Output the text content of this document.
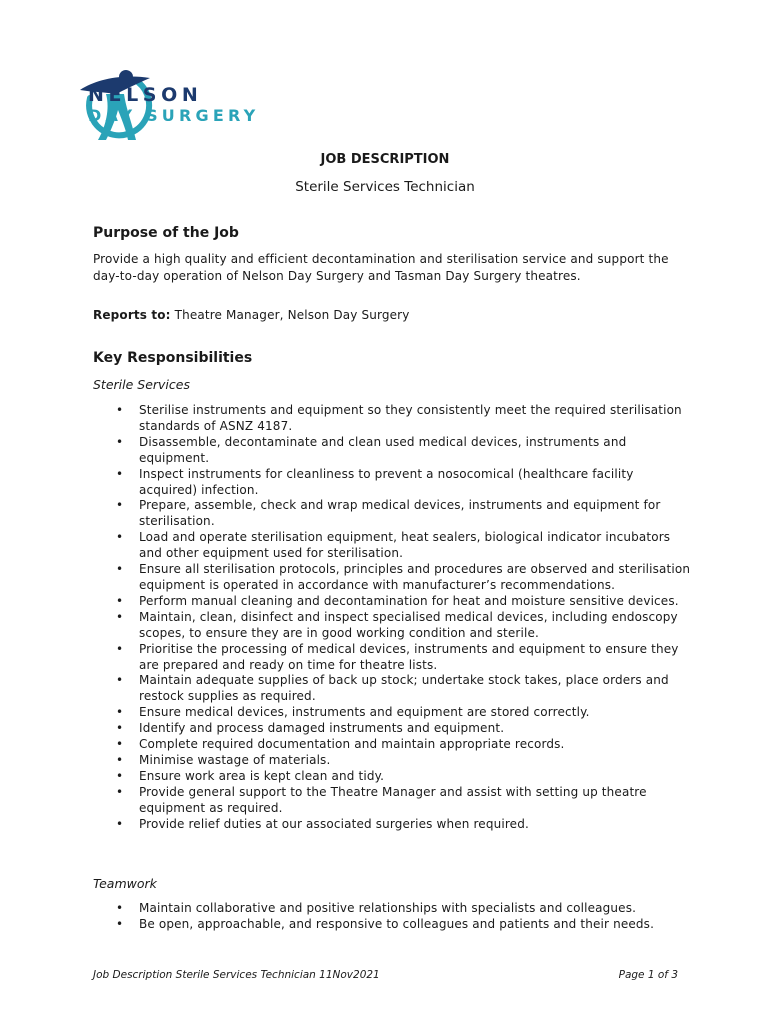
NELSON
DAY SURGERY
JOB DESCRIPTION
Sterile Services Technician
Purpose of the Job
Provide a high quality and efficient decontamination and sterilisation service and support the day-to-day operation of Nelson Day Surgery and Tasman Day Surgery theatres.
Reports to: Theatre Manager, Nelson Day Surgery
Key Responsibilities
Sterile Services
• Sterilise instruments and equipment so they consistently meet the required sterilisation standards of ASNZ 4187.
• Disassemble, decontaminate and clean used medical devices, instruments and equipment.
• Inspect instruments for cleanliness to prevent a nosocomical (healthcare facility acquired) infection.
• Prepare, assemble, check and wrap medical devices, instruments and equipment for sterilisation.
• Load and operate sterilisation equipment, heat sealers, biological indicator incubators and other equipment used for sterilisation.
• Ensure all sterilisation protocols, principles and procedures are observed and sterilisation equipment is operated in accordance with manufacturer’s recommendations.
• Perform manual cleaning and decontamination for heat and moisture sensitive devices.
• Maintain, clean, disinfect and inspect specialised medical devices, including endoscopy scopes, to ensure they are in good working condition and sterile.
• Prioritise the processing of medical devices, instruments and equipment to ensure they are prepared and ready on time for theatre lists.
• Maintain adequate supplies of back up stock; undertake stock takes, place orders and restock supplies as required.
• Ensure medical devices, instruments and equipment are stored correctly.
• Identify and process damaged instruments and equipment.
• Complete required documentation and maintain appropriate records.
• Minimise wastage of materials.
• Ensure work area is kept clean and tidy.
• Provide general support to the Theatre Manager and assist with setting up theatre equipment as required.
• Provide relief duties at our associated surgeries when required.
Teamwork
• Maintain collaborative and positive relationships with specialists and colleagues.
• Be open, approachable, and responsive to colleagues and patients and their needs.
Job Description Sterile Services Technician 11Nov2021	Page 1 of 3
